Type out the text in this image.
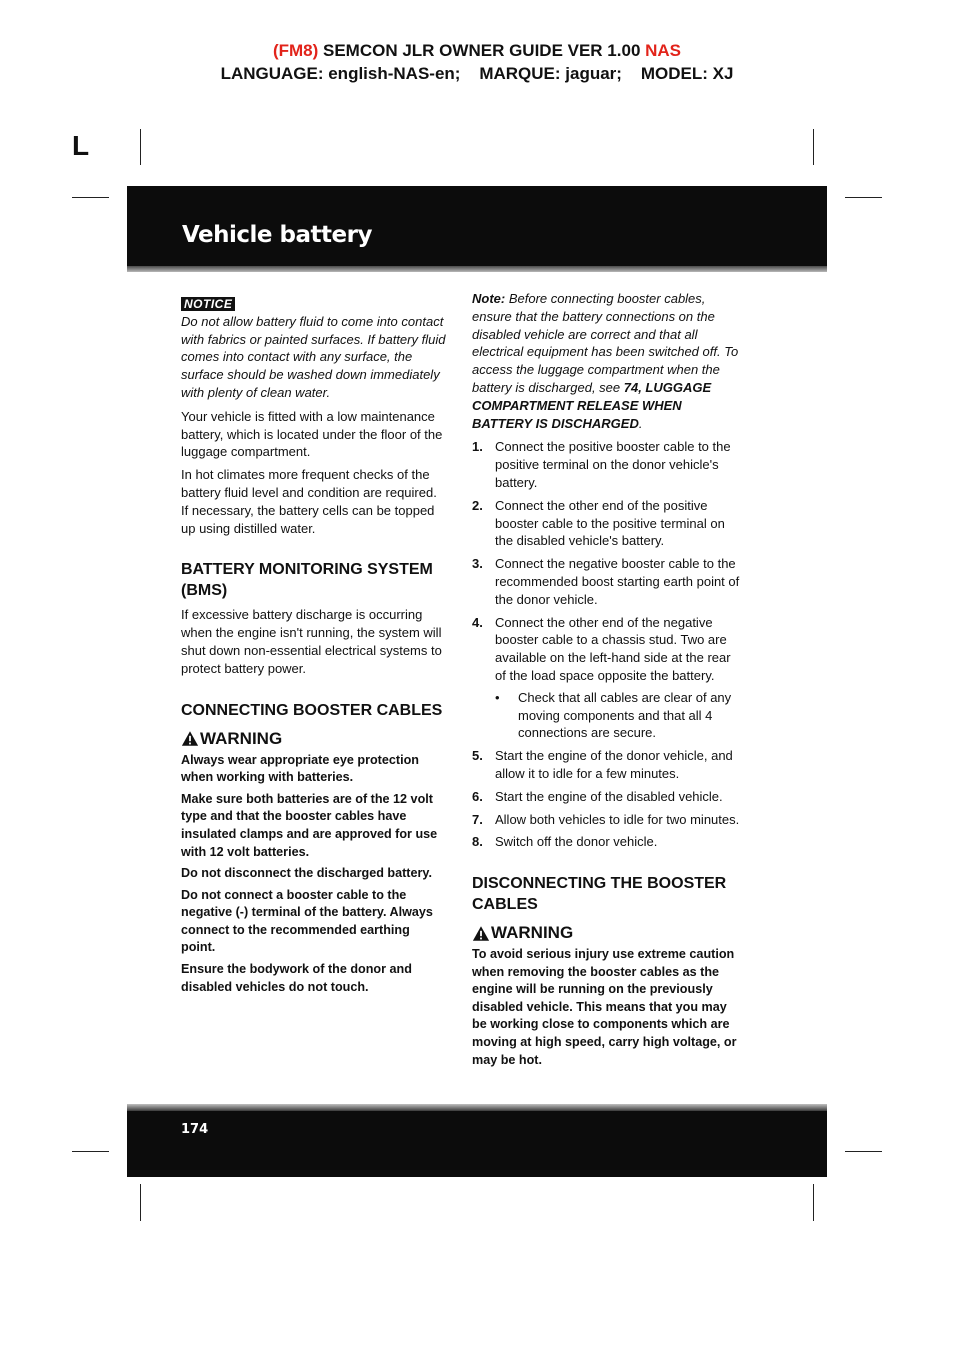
(FM8) SEMCON JLR OWNER GUIDE VER 1.00 NAS
LANGUAGE: english-NAS-en;    MARQUE: jaguar;    MODEL: XJ
L
Vehicle battery
NOTICE

Do not allow battery fluid to come into contact with fabrics or painted surfaces. If battery fluid comes into contact with any surface, the surface should be washed down immediately with plenty of clean water.

Your vehicle is fitted with a low maintenance battery, which is located under the floor of the luggage compartment.

In hot climates more frequent checks of the battery fluid level and condition are required. If necessary, the battery cells can be topped up using distilled water.

BATTERY MONITORING SYSTEM (BMS)

If excessive battery discharge is occurring when the engine isn't running, the system will shut down non-essential electrical systems to protect battery power.

CONNECTING BOOSTER CABLES
WARNING

Always wear appropriate eye protection when working with batteries.

Make sure both batteries are of the 12 volt type and that the booster cables have insulated clamps and are approved for use with 12 volt batteries.

Do not disconnect the discharged battery.

Do not connect a booster cable to the negative (-) terminal of the battery. Always connect to the recommended earthing point.

Ensure the bodywork of the donor and disabled vehicles do not touch.

Note: Before connecting booster cables, ensure that the battery connections on the disabled vehicle are correct and that all electrical equipment has been switched off. To access the luggage compartment when the battery is discharged, see 74, LUGGAGE COMPARTMENT RELEASE WHEN BATTERY IS DISCHARGED.

1. Connect the positive booster cable to the positive terminal on the donor vehicle's battery.
2. Connect the other end of the positive booster cable to the positive terminal on the disabled vehicle's battery.
3. Connect the negative booster cable to the recommended boost starting earth point of the donor vehicle.
4. Connect the other end of the negative booster cable to a chassis stud. Two are available on the left-hand side at the rear of the load space opposite the battery.
• Check that all cables are clear of any moving components and that all 4 connections are secure.
5. Start the engine of the donor vehicle, and allow it to idle for a few minutes.
6. Start the engine of the disabled vehicle.
7. Allow both vehicles to idle for two minutes.
8. Switch off the donor vehicle.
DISCONNECTING THE BOOSTER CABLES
WARNING

To avoid serious injury use extreme caution when removing the booster cables as the engine will be running on the previously disabled vehicle. This means that you may be working close to components which are moving at high speed, carry high voltage, or may be hot.

174
